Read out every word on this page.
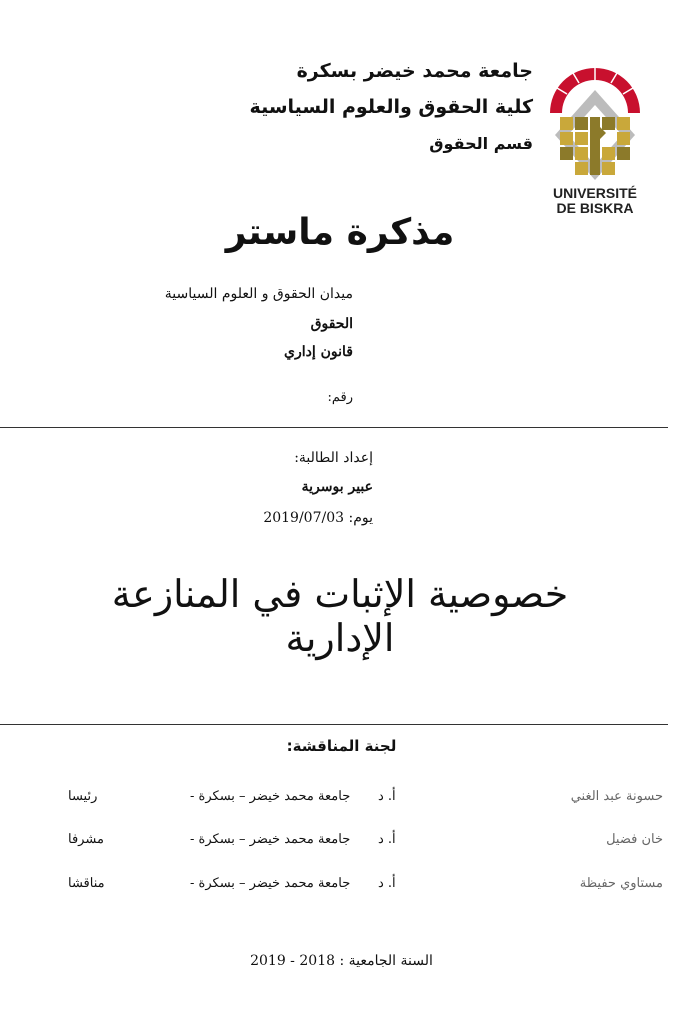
جامعة محمد خيضر بسكرة
كلية الحقوق والعلوم السياسية
قسم الحقوق
UNIVERSITÉ
DE BISKRA
مذكرة ماستر
ميدان الحقوق و العلوم السياسية
الحقوق
قانون إداري
رقم:
إعداد الطالبة:
عبير بوسرية
يوم: 2019/07/03
خصوصية الإثبات في المنازعة الإدارية
لجنة المناقشة:
حسونة عبد الغني
أ. د
جامعة محمد خيضر – بسكرة -
رئيسا
خان فضيل
أ. د
جامعة محمد خيضر – بسكرة -
مشرفا
مستاوي حفيظة
أ. د
جامعة محمد خيضر – بسكرة -
مناقشا
السنة الجامعية : 2018 - 2019
